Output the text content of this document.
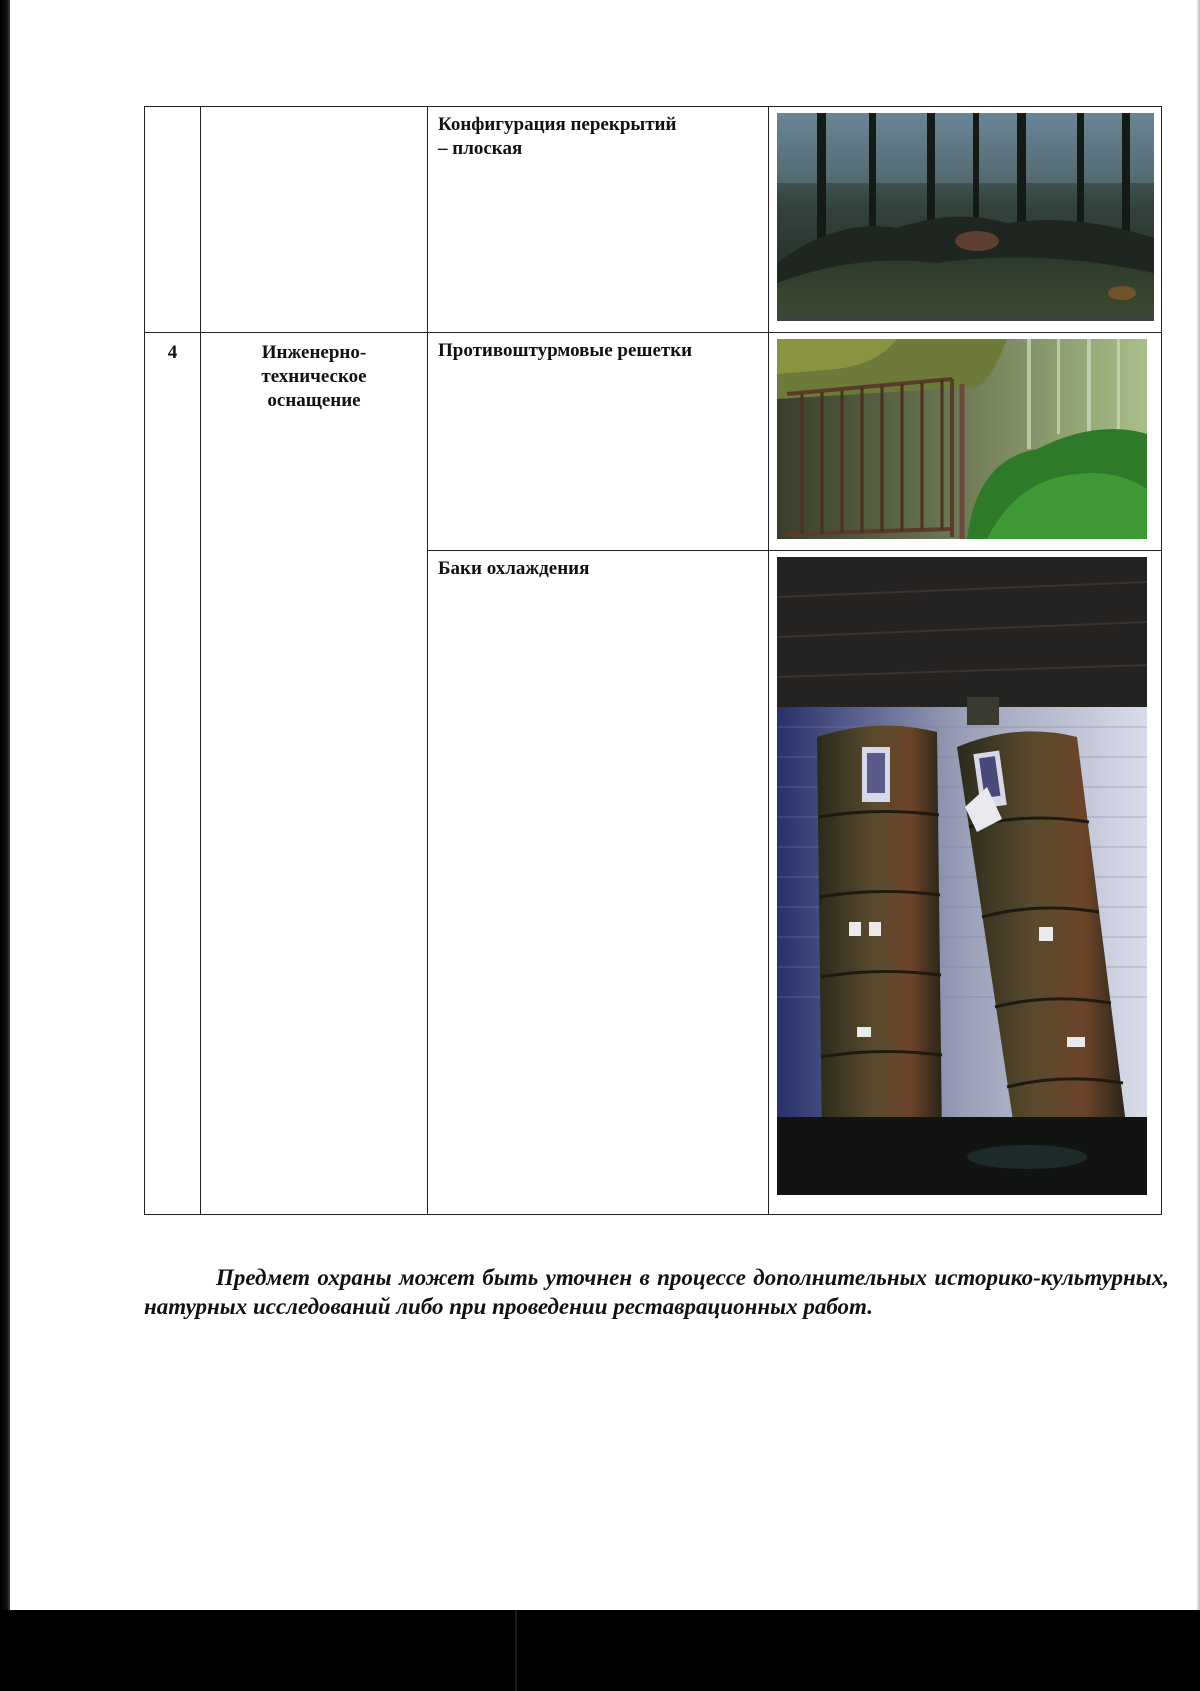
		Конфигурация перекрытий – плоская

4	Инженерно-техническое оснащение	Противоштурмовые решетки

		Баки охлаждения

Предмет охраны может быть уточнен в процессе дополнительных историко-культурных, натурных исследований либо при проведении реставрационных работ.
